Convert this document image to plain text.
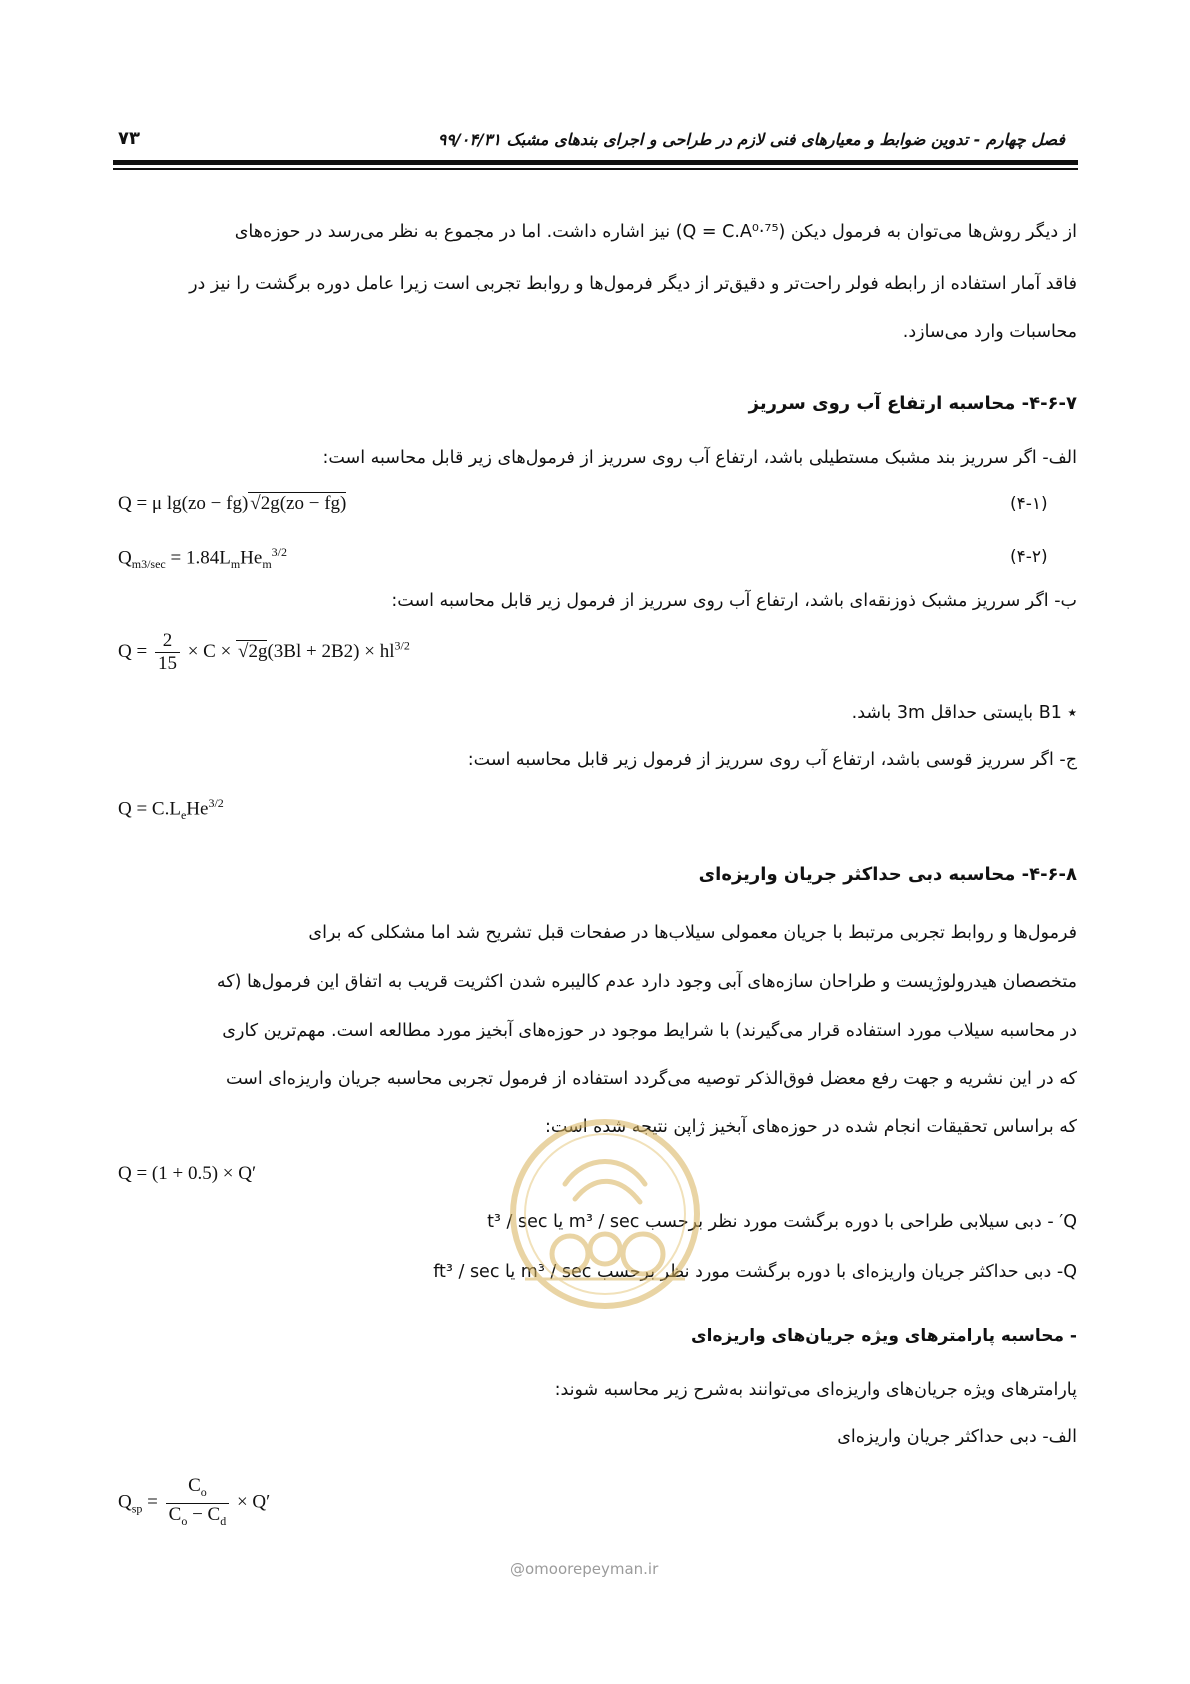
فصل چهارم - تدوین ضوابط و معیارهای فنی لازم در طراحی و اجرای بندهای مشبک ۹۹/۰۴/۳۱
۷۳
از دیگر روش‌ها می‌توان به فرمول دیکن (Q = C.A⁰·⁷⁵) نیز اشاره داشت. اما در مجموع به نظر می‌رسد در حوزه‌های
فاقد آمار استفاده از رابطه فولر راحت‌تر و دقیق‌تر از دیگر فرمول‌ها و روابط تجربی است زیرا عامل دوره برگشت را نیز در
محاسبات وارد می‌سازد.
۴-۶-۷- محاسبه ارتفاع آب روی سرریز
الف- اگر سرریز بند مشبک مستطیلی باشد، ارتفاع آب روی سرریز از فرمول‌های زیر قابل محاسبه است:
Q = μ lg(zo − fg) √2g(zo − fg)	(۴-۱)
$Q_{m3/sec} = 1.84L_mHe_m^{3/2}$	(۴-۲)
ب- اگر سرریز مشبک ذوزنقه‌ای باشد، ارتفاع آب روی سرریز از فرمول زیر قابل محاسبه است:
$Q = \frac{2}{15} \times C \times √2g(3Bl + 2B2) \times hl^{3/2}$
٭ B1 بایستی حداقل 3m باشد.
ج- اگر سرریز قوسی باشد، ارتفاع آب روی سرریز از فرمول زیر قابل محاسبه است:
$Q = C.L_eHe^{3/2}$
۴-۶-۸- محاسبه دبی حداکثر جریان واریزه‌ای
فرمول‌ها و روابط تجربی مرتبط با جریان معمولی سیلاب‌ها در صفحات قبل تشریح شد اما مشکلی که برای
متخصصان هیدرولوژیست و طراحان سازه‌های آبی وجود دارد عدم کالیبره شدن اکثریت قریب به اتفاق این فرمول‌ها (که
در محاسبه سیلاب مورد استفاده قرار می‌گیرند) با شرایط موجود در حوزه‌های آبخیز مورد مطالعه است. مهم‌ترین کاری
که در این نشریه و جهت رفع معضل فوق‌الذکر توصیه می‌گردد استفاده از فرمول تجربی محاسبه جریان واریزه‌ای است
که براساس تحقیقات انجام شده در حوزه‌های آبخیز ژاپن نتیجه شده است:
Q = (1 + 0.5) × Q′
Q′ - دبی سیلابی طراحی با دوره برگشت مورد نظر برحسب m³ / sec یا t³ / sec
Q- دبی حداکثر جریان واریزه‌ای با دوره برگشت مورد نظر برحسب m³ / sec یا ft³ / sec
- محاسبه پارامترهای ویژه جریان‌های واریزه‌ای
پارامترهای ویژه جریان‌های واریزه‌ای می‌توانند به‌شرح زیر محاسبه شوند:
الف- دبی حداکثر جریان واریزه‌ای
$Q_{sp} = \frac{C_o}{C_o - C_d} \times Q'$
@omoorepeyman.ir
